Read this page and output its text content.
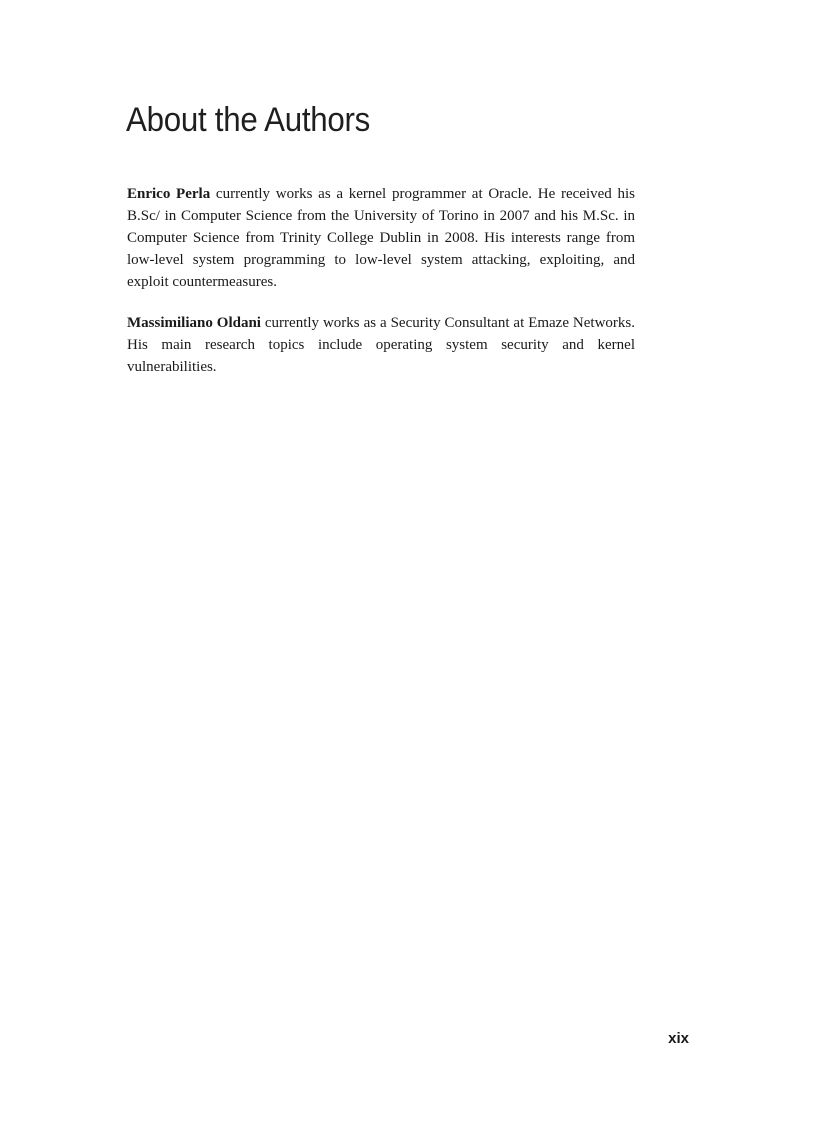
About the Authors

Enrico Perla currently works as a kernel programmer at Oracle. He received his B.Sc/ in Computer Science from the University of Torino in 2007 and his M.Sc. in Computer Science from Trinity College Dublin in 2008. His interests range from low-level system programming to low-level system attacking, exploiting, and exploit countermeasures.

Massimiliano Oldani currently works as a Security Consultant at Emaze Networks. His main research topics include operating system security and kernel vulnerabilities.

xix
